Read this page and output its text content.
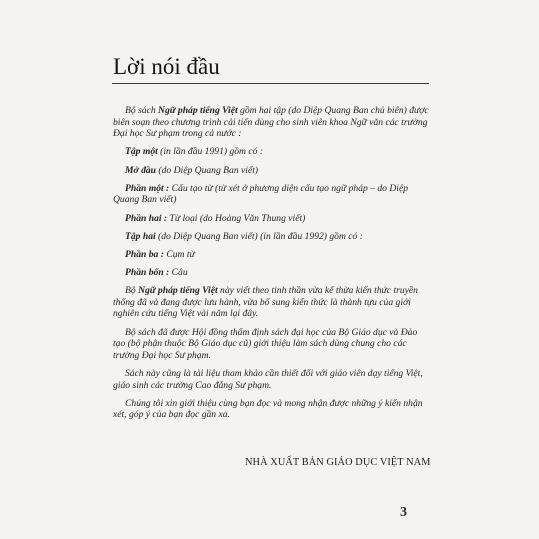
Lời nói đầu

Bộ sách Ngữ pháp tiếng Việt gồm hai tập (do Diệp Quang Ban chủ biên) được biên soạn theo chương trình cải tiến dùng cho sinh viên khoa Ngữ văn các trường Đại học Sư phạm trong cả nước :

Tập một (in lần đầu 1991) gồm có :

Mở đầu (do Diệp Quang Ban viết)

Phần một : Cấu tạo từ (từ xét ở phương diện cấu tạo ngữ pháp – do Diệp Quang Ban viết)

Phần hai : Từ loại (do Hoàng Văn Thung viết)

Tập hai (do Diệp Quang Ban viết) (in lần đầu 1992) gồm có :

Phần ba : Cụm từ

Phần bốn : Câu

Bộ Ngữ pháp tiếng Việt này viết theo tinh thần vừa kế thừa kiến thức truyền thống đã và đang được lưu hành, vừa bổ sung kiến thức là thành tựu của giới nghiên cứu tiếng Việt vài năm lại đây.

Bộ sách đã được Hội đồng thẩm định sách đại học của Bộ Giáo dục và Đào tạo (bộ phận thuộc Bộ Giáo dục cũ) giới thiệu làm sách dùng chung cho các trường Đại học Sư phạm.

Sách này cũng là tài liệu tham khảo cần thiết đối với giáo viên dạy tiếng Việt, giáo sinh các trường Cao đẳng Sư phạm.

Chúng tôi xin giới thiệu cùng bạn đọc và mong nhận được những ý kiến nhận xét, góp ý của bạn đọc gần xa.

NHÀ XUẤT BẢN GIÁO DỤC VIỆT NAM
3
